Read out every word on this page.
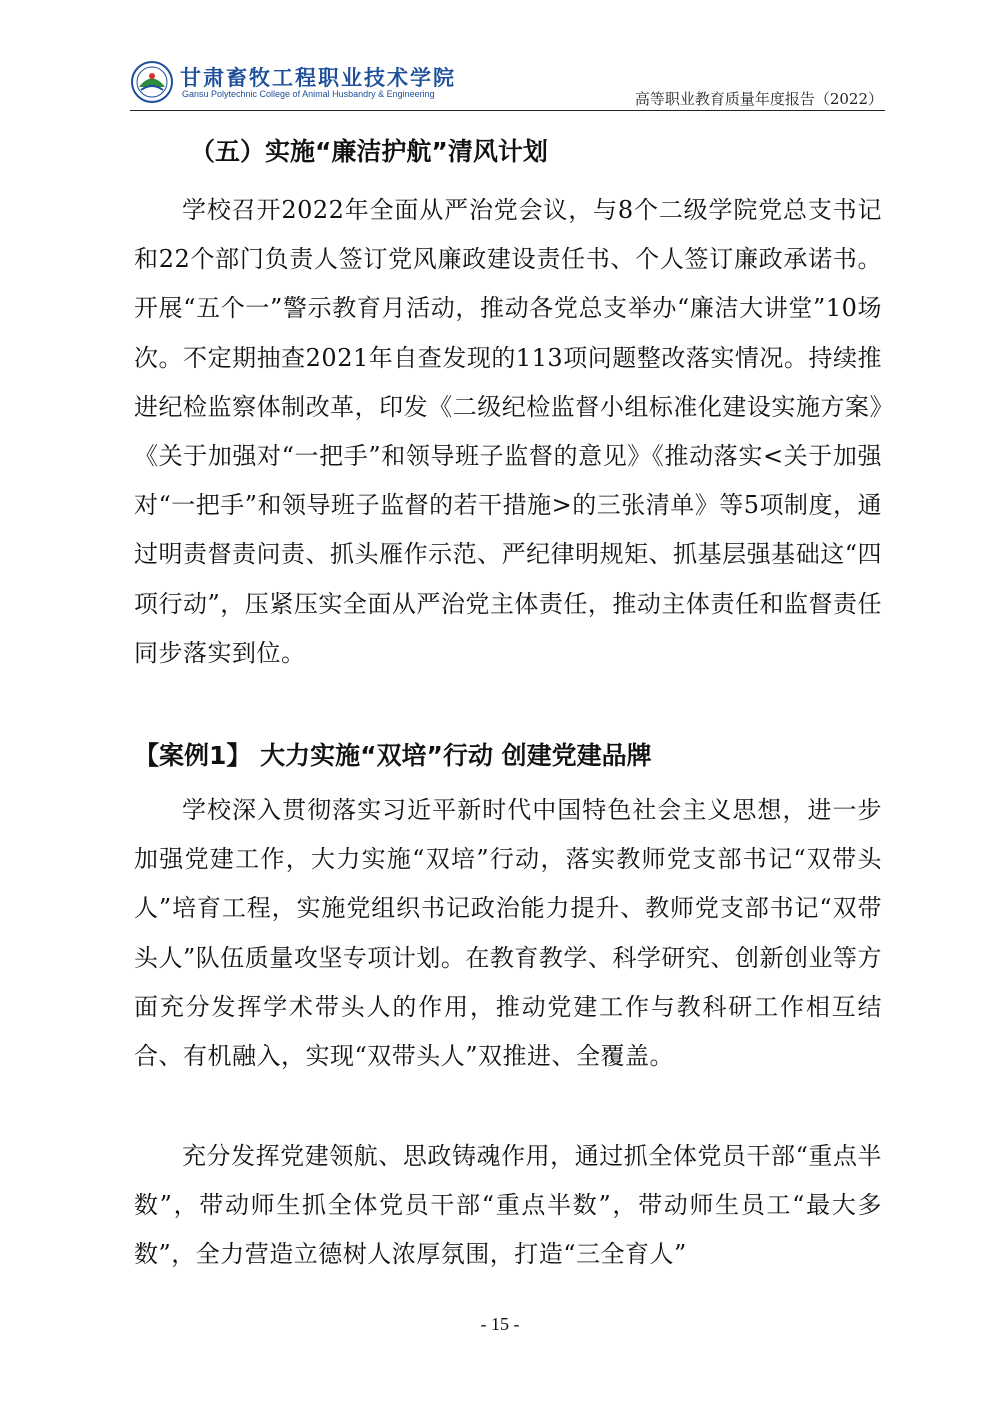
甘肃畜牧工程职业技术学院
Gansu Polytechnic College of Animal Husbandry & Engineering	高等职业教育质量年度报告（2022）
（五）实施“廉洁护航”清风计划

学校召开2022年全面从严治党会议，与8个二级学院党总支书记和22个部门负责人签订党风廉政建设责任书、个人签订廉政承诺书。开展“五个一”警示教育月活动，推动各党总支举办“廉洁大讲堂”10场次。不定期抽查2021年自查发现的113项问题整改落实情况。持续推进纪检监察体制改革，印发《二级纪检监督小组标准化建设实施方案》《关于加强对“一把手”和领导班子监督的意见》《推动落实<关于加强对“一把手”和领导班子监督的若干措施>的三张清单》等5项制度，通过明责督责问责、抓头雁作示范、严纪律明规矩、抓基层强基础这“四项行动”，压紧压实全面从严治党主体责任，推动主体责任和监督责任同步落实到位。

【案例1】 大力实施“双培”行动 创建党建品牌

学校深入贯彻落实习近平新时代中国特色社会主义思想，进一步加强党建工作，大力实施“双培”行动，落实教师党支部书记“双带头人”培育工程，实施党组织书记政治能力提升、教师党支部书记“双带头人”队伍质量攻坚专项计划。在教育教学、科学研究、创新创业等方面充分发挥学术带头人的作用，推动党建工作与教科研工作相互结合、有机融入，实现“双带头人”双推进、全覆盖。

充分发挥党建领航、思政铸魂作用，通过抓全体党员干部“重点半数”，带动师生抓全体党员干部“重点半数”，带动师生员工“最大多数”，全力营造立德树人浓厚氛围，打造“三全育人”

- 15 -
